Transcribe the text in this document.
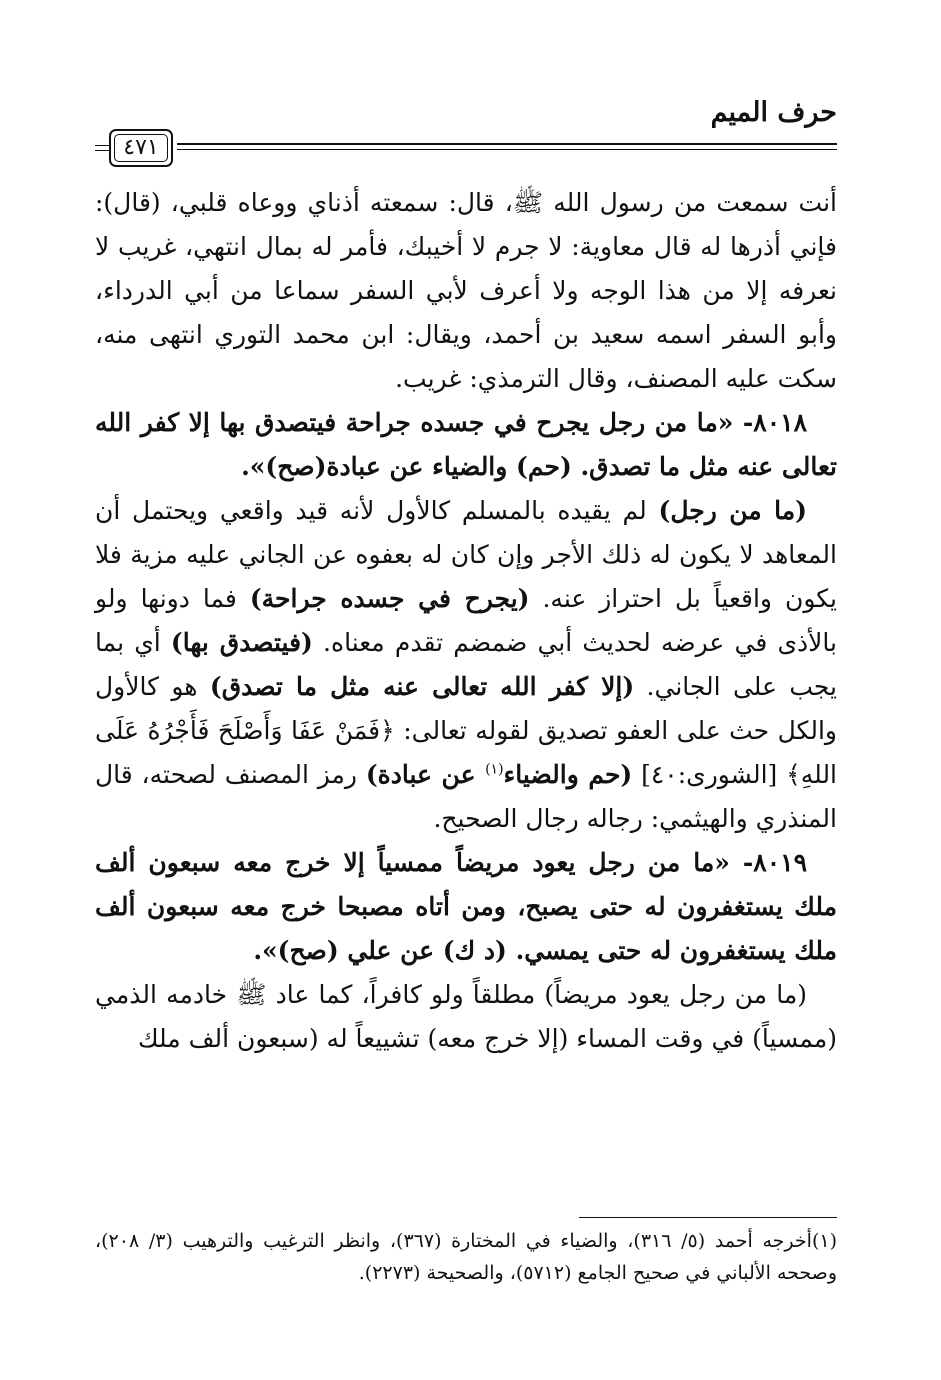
حرف الميم
٤٧١

أنت سمعت من رسول الله ﷺ، قال: سمعته أذناي ووعاه قلبي، (قال): فإني أذرها له قال معاوية: لا جرم لا أخيبك، فأمر له بمال انتهي، غريب لا نعرفه إلا من هذا الوجه ولا أعرف لأبي السفر سماعا من أبي الدرداء، وأبو السفر اسمه سعيد بن أحمد، ويقال: ابن محمد التوري انتهى منه، سكت عليه المصنف، وقال الترمذي: غريب.

٨٠١٨- «ما من رجل يجرح في جسده جراحة فيتصدق بها إلا كفر الله تعالى عنه مثل ما تصدق. (حم) والضياء عن عبادة(صح)».

(ما من رجل) لم يقيده بالمسلم كالأول لأنه قيد واقعي ويحتمل أن المعاهد لا يكون له ذلك الأجر وإن كان له بعفوه عن الجاني عليه مزية فلا يكون واقعياً بل احتراز عنه. (يجرح في جسده جراحة) فما دونها ولو بالأذى في عرضه لحديث أبي ضمضم تقدم معناه. (فيتصدق بها) أي بما يجب على الجاني. (إلا كفر الله تعالى عنه مثل ما تصدق) هو كالأول والكل حث على العفو تصديق لقوله تعالى: ﴿فَمَنْ عَفَا وَأَصْلَحَ فَأَجْرُهُ عَلَى اللهِ﴾ [الشورى:٤٠] (حم والضياء$^{(١)}$ عن عبادة) رمز المصنف لصحته، قال المنذري والهيثمي: رجاله رجال الصحيح.

٨٠١٩- «ما من رجل يعود مريضاً ممسياً إلا خرج معه سبعون ألف ملك يستغفرون له حتى يصبح، ومن أتاه مصبحا خرج معه سبعون ألف ملك يستغفرون له حتى يمسي. (د ك) عن علي (صح)».

(ما من رجل يعود مريضاً) مطلقاً ولو كافراً، كما عاد ﷺ خادمه الذمي (ممسياً) في وقت المساء (إلا خرج معه) تشييعاً له (سبعون ألف ملك

(١)أخرجه أحمد (٥/ ٣١٦)، والضياء في المختارة (٣٦٧)، وانظر الترغيب والترهيب (٣/ ٢٠٨)، وصححه الألباني في صحيح الجامع (٥٧١٢)، والصحيحة (٢٢٧٣).
